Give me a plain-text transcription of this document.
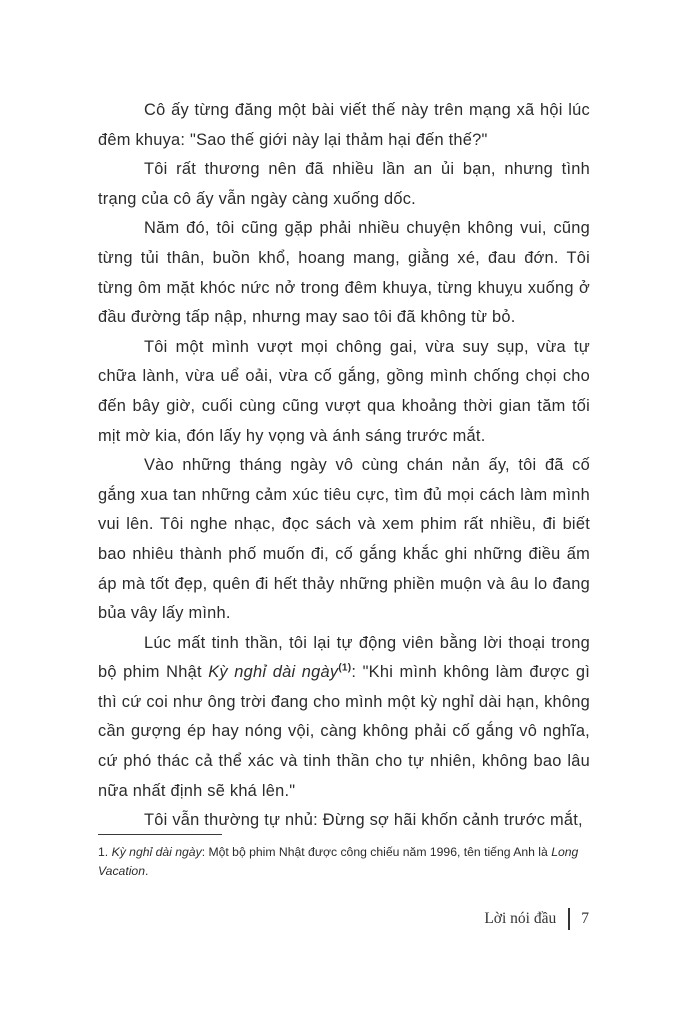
Cô ấy từng đăng một bài viết thế này trên mạng xã hội lúc đêm khuya: "Sao thế giới này lại thảm hại đến thế?"

Tôi rất thương nên đã nhiều lần an ủi bạn, nhưng tình trạng của cô ấy vẫn ngày càng xuống dốc.

Năm đó, tôi cũng gặp phải nhiều chuyện không vui, cũng từng tủi thân, buồn khổ, hoang mang, giằng xé, đau đớn. Tôi từng ôm mặt khóc nức nở trong đêm khuya, từng khuỵu xuống ở đầu đường tấp nập, nhưng may sao tôi đã không từ bỏ.

Tôi một mình vượt mọi chông gai, vừa suy sụp, vừa tự chữa lành, vừa uể oải, vừa cố gắng, gồng mình chống chọi cho đến bây giờ, cuối cùng cũng vượt qua khoảng thời gian tăm tối mịt mờ kia, đón lấy hy vọng và ánh sáng trước mắt.

Vào những tháng ngày vô cùng chán nản ấy, tôi đã cố gắng xua tan những cảm xúc tiêu cực, tìm đủ mọi cách làm mình vui lên. Tôi nghe nhạc, đọc sách và xem phim rất nhiều, đi biết bao nhiêu thành phố muốn đi, cố gắng khắc ghi những điều ấm áp mà tốt đẹp, quên đi hết thảy những phiền muộn và âu lo đang bủa vây lấy mình.

Lúc mất tinh thần, tôi lại tự động viên bằng lời thoại trong bộ phim Nhật Kỳ nghỉ dài ngày$^{(1)}$: "Khi mình không làm được gì thì cứ coi như ông trời đang cho mình một kỳ nghỉ dài hạn, không cần gượng ép hay nóng vội, càng không phải cố gắng vô nghĩa, cứ phó thác cả thể xác và tinh thần cho tự nhiên, không bao lâu nữa nhất định sẽ khá lên."

Tôi vẫn thường tự nhủ: Đừng sợ hãi khốn cảnh trước mắt,

1. Kỳ nghỉ dài ngày: Một bộ phim Nhật được công chiếu năm 1996, tên tiếng Anh là Long Vacation.
Lời nói đầu 7
